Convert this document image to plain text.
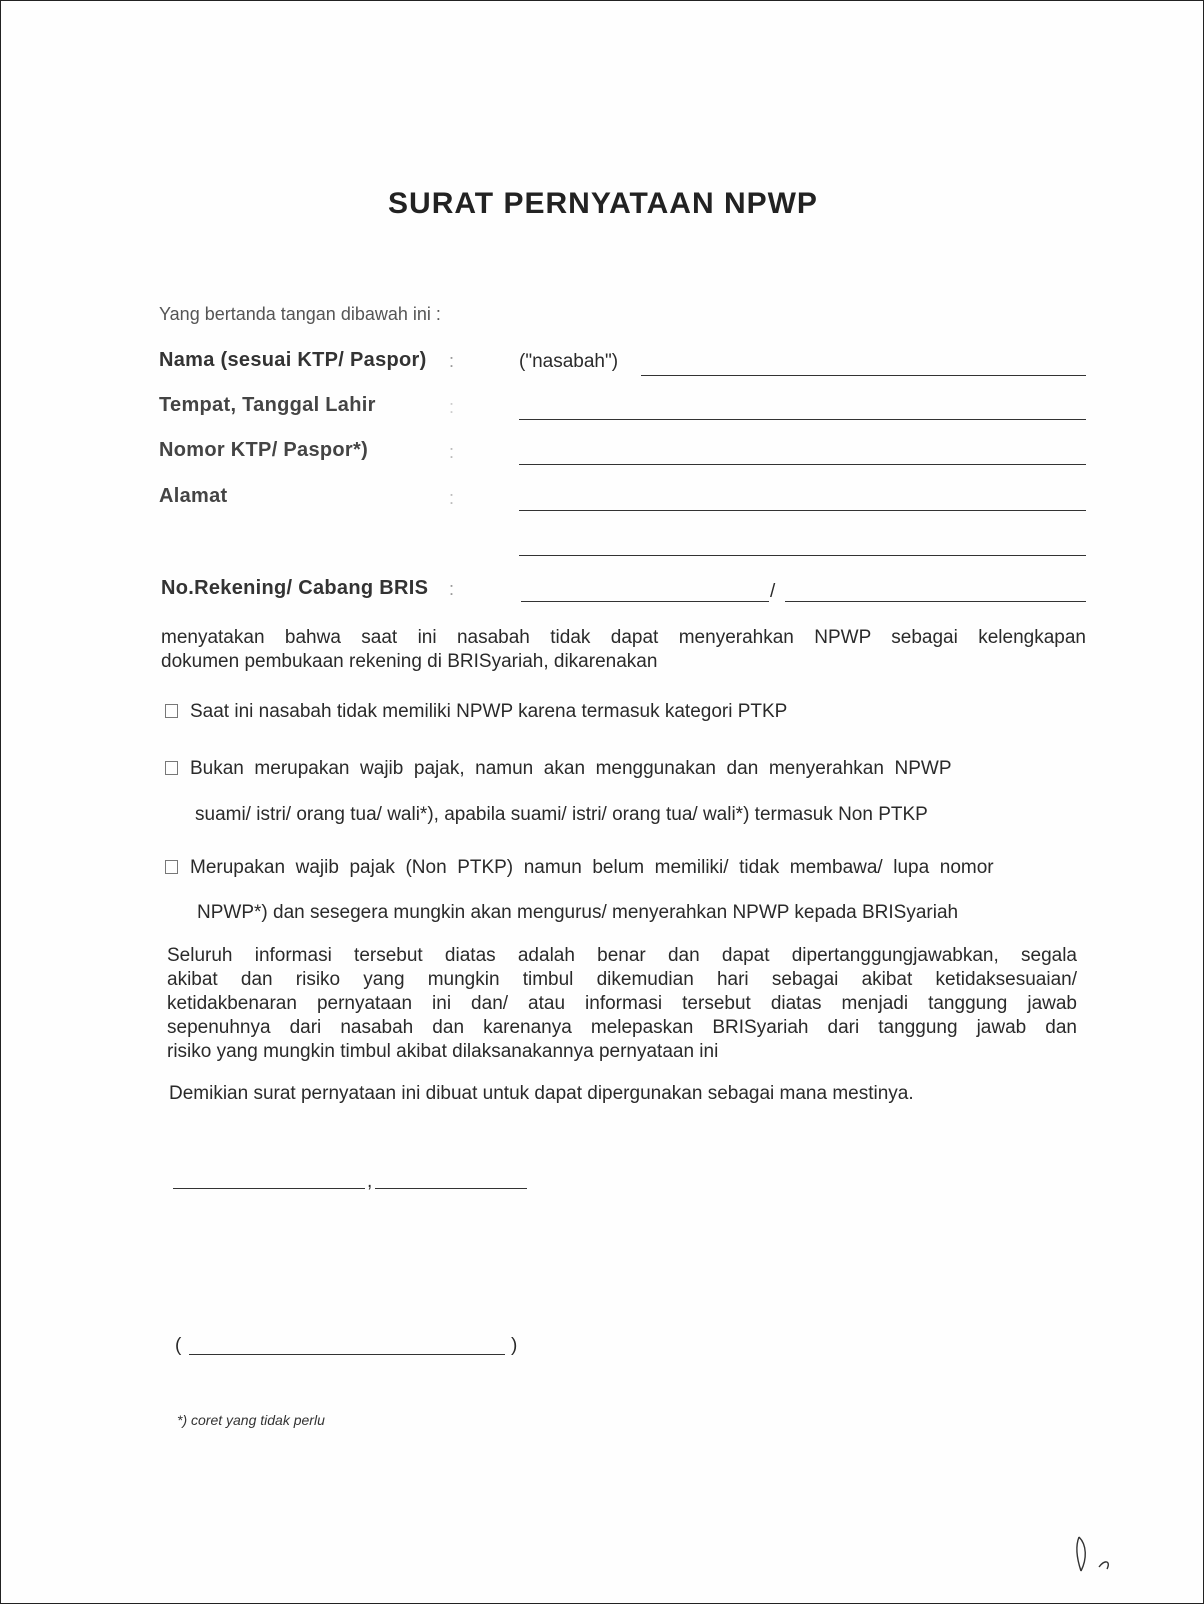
SURAT PERNYATAAN NPWP
Yang bertanda tangan dibawah ini :
Nama (sesuai KTP/ Paspor) :	("nasabah")
Tempat, Tanggal Lahir	:
Nomor KTP/ Paspor*)	:
Alamat	:
No.Rekening/ Cabang BRIS :	/
menyatakan bahwa saat ini nasabah tidak dapat menyerahkan NPWP sebagai kelengkapan
dokumen pembukaan rekening di BRISyariah, dikarenakan
Saat ini nasabah tidak memiliki NPWP karena termasuk kategori PTKP
Bukan  merupakan  wajib  pajak,  namun  akan  menggunakan  dan  menyerahkan  NPWP
suami/ istri/ orang tua/ wali*), apabila suami/ istri/ orang tua/ wali*) termasuk Non PTKP
Merupakan  wajib  pajak  (Non  PTKP)  namun  belum  memiliki/  tidak  membawa/  lupa  nomor
NPWP*) dan sesegera mungkin akan mengurus/ menyerahkan NPWP kepada BRISyariah
Seluruh informasi tersebut diatas adalah benar dan dapat dipertanggungjawabkan, segala
akibat dan risiko yang mungkin timbul dikemudian hari sebagai akibat ketidaksesuaian/
ketidakbenaran pernyataan ini dan/ atau informasi tersebut diatas menjadi tanggung jawab
sepenuhnya dari nasabah dan karenanya melepaskan BRISyariah dari tanggung jawab dan
risiko yang mungkin timbul akibat dilaksanakannya pernyataan ini
Demikian surat pernyataan ini dibuat untuk dapat dipergunakan sebagai mana mestinya.
,
(	)
*) coret yang tidak perlu
